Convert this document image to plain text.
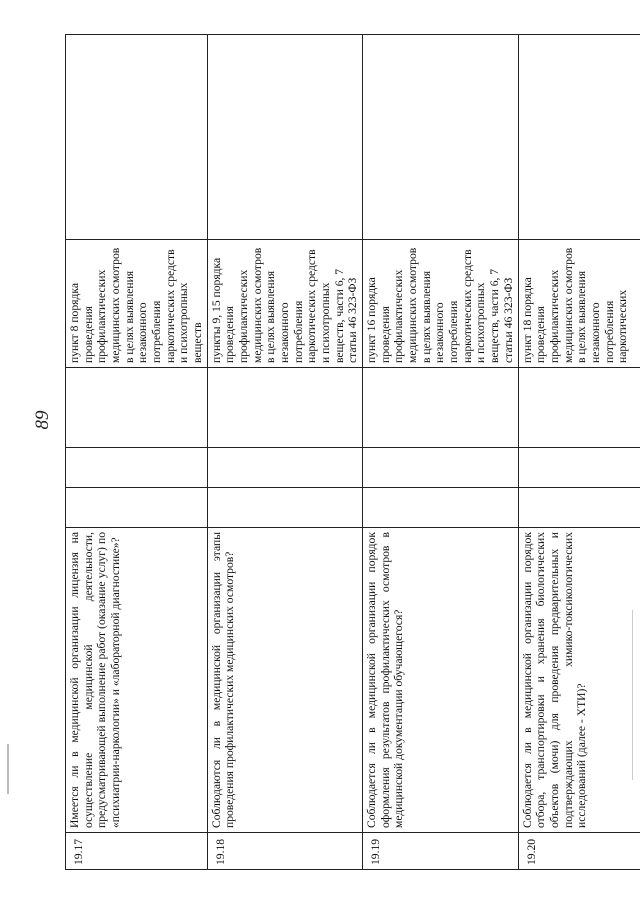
89
19.17	Имеется ли в медицинской организации лицензия на осуществление медицинской деятельности, предусматривающей выполнение работ (оказание услуг) по «психиатрии-наркологии» и «лабораторной диагностике»?				пункт 8 порядка проведения профилактических медицинских осмотров в целях выявления незаконного потребления наркотических средств и психотропных веществ	
19.18	Соблюдаются ли в медицинской организации этапы проведения профилактических медицинских осмотров?				пункты 9, 15 порядка проведения профилактических медицинских осмотров в целях выявления незаконного потребления наркотических средств и психотропных веществ, части 6, 7 статьи 46 323-ФЗ	
19.19	Соблюдается ли в медицинской организации порядок оформления результатов профилактических осмотров в медицинской документации обучающегося?				пункт 16 порядка проведения профилактических медицинских осмотров в целях выявления незаконного потребления наркотических средств и психотропных веществ, части 6, 7 статьи 46 323-ФЗ	
19.20	Соблюдается ли в медицинской организации порядок отбора, транспортировки и хранения биологических объектов (мочи) для проведения предварительных и подтверждающих химико-токсикологических исследований (далее - ХТИ)?				пункт 18 порядка проведения профилактических медицинских осмотров в целях выявления незаконного потребления наркотических	
